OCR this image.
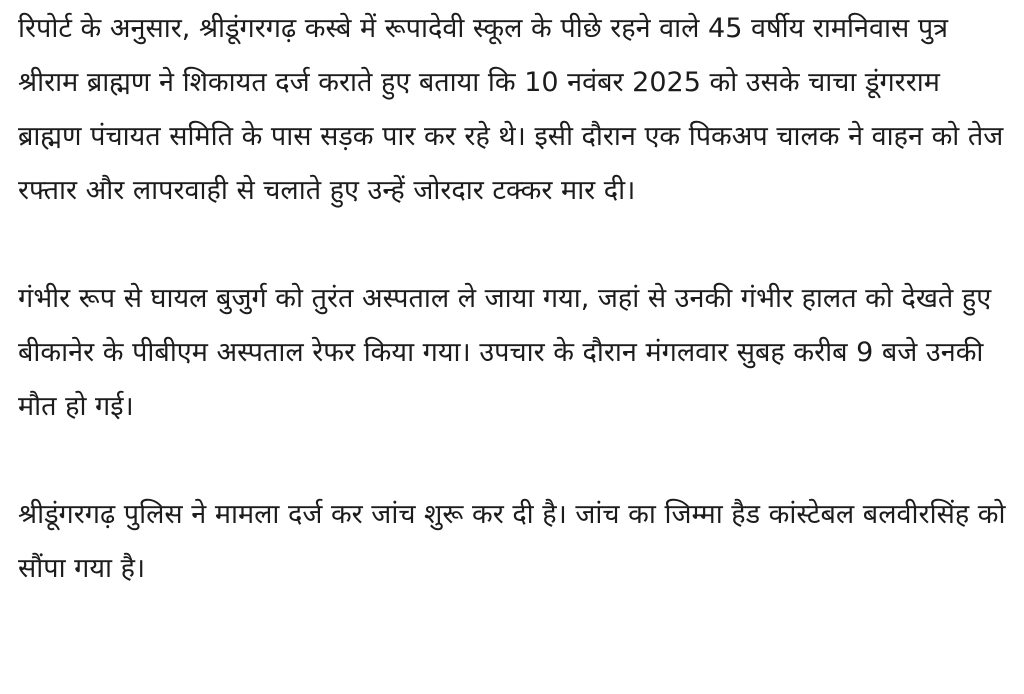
रिपोर्ट के अनुसार, श्रीडूंगरगढ़ कस्बे में रूपादेवी स्कूल के पीछे रहने वाले 45 वर्षीय रामनिवास पुत्र श्रीराम ब्राह्मण ने शिकायत दर्ज कराते हुए बताया कि 10 नवंबर 2025 को उसके चाचा डूंगरराम ब्राह्मण पंचायत समिति के पास सड़क पार कर रहे थे। इसी दौरान एक पिकअप चालक ने वाहन को तेज रफ्तार और लापरवाही से चलाते हुए उन्हें जोरदार टक्कर मार दी।

गंभीर रूप से घायल बुजुर्ग को तुरंत अस्पताल ले जाया गया, जहां से उनकी गंभीर हालत को देखते हुए बीकानेर के पीबीएम अस्पताल रेफर किया गया। उपचार के दौरान मंगलवार सुबह करीब 9 बजे उनकी मौत हो गई।

श्रीडूंगरगढ़ पुलिस ने मामला दर्ज कर जांच शुरू कर दी है। जांच का जिम्मा हैड कांस्टेबल बलवीरसिंह को सौंपा गया है।
